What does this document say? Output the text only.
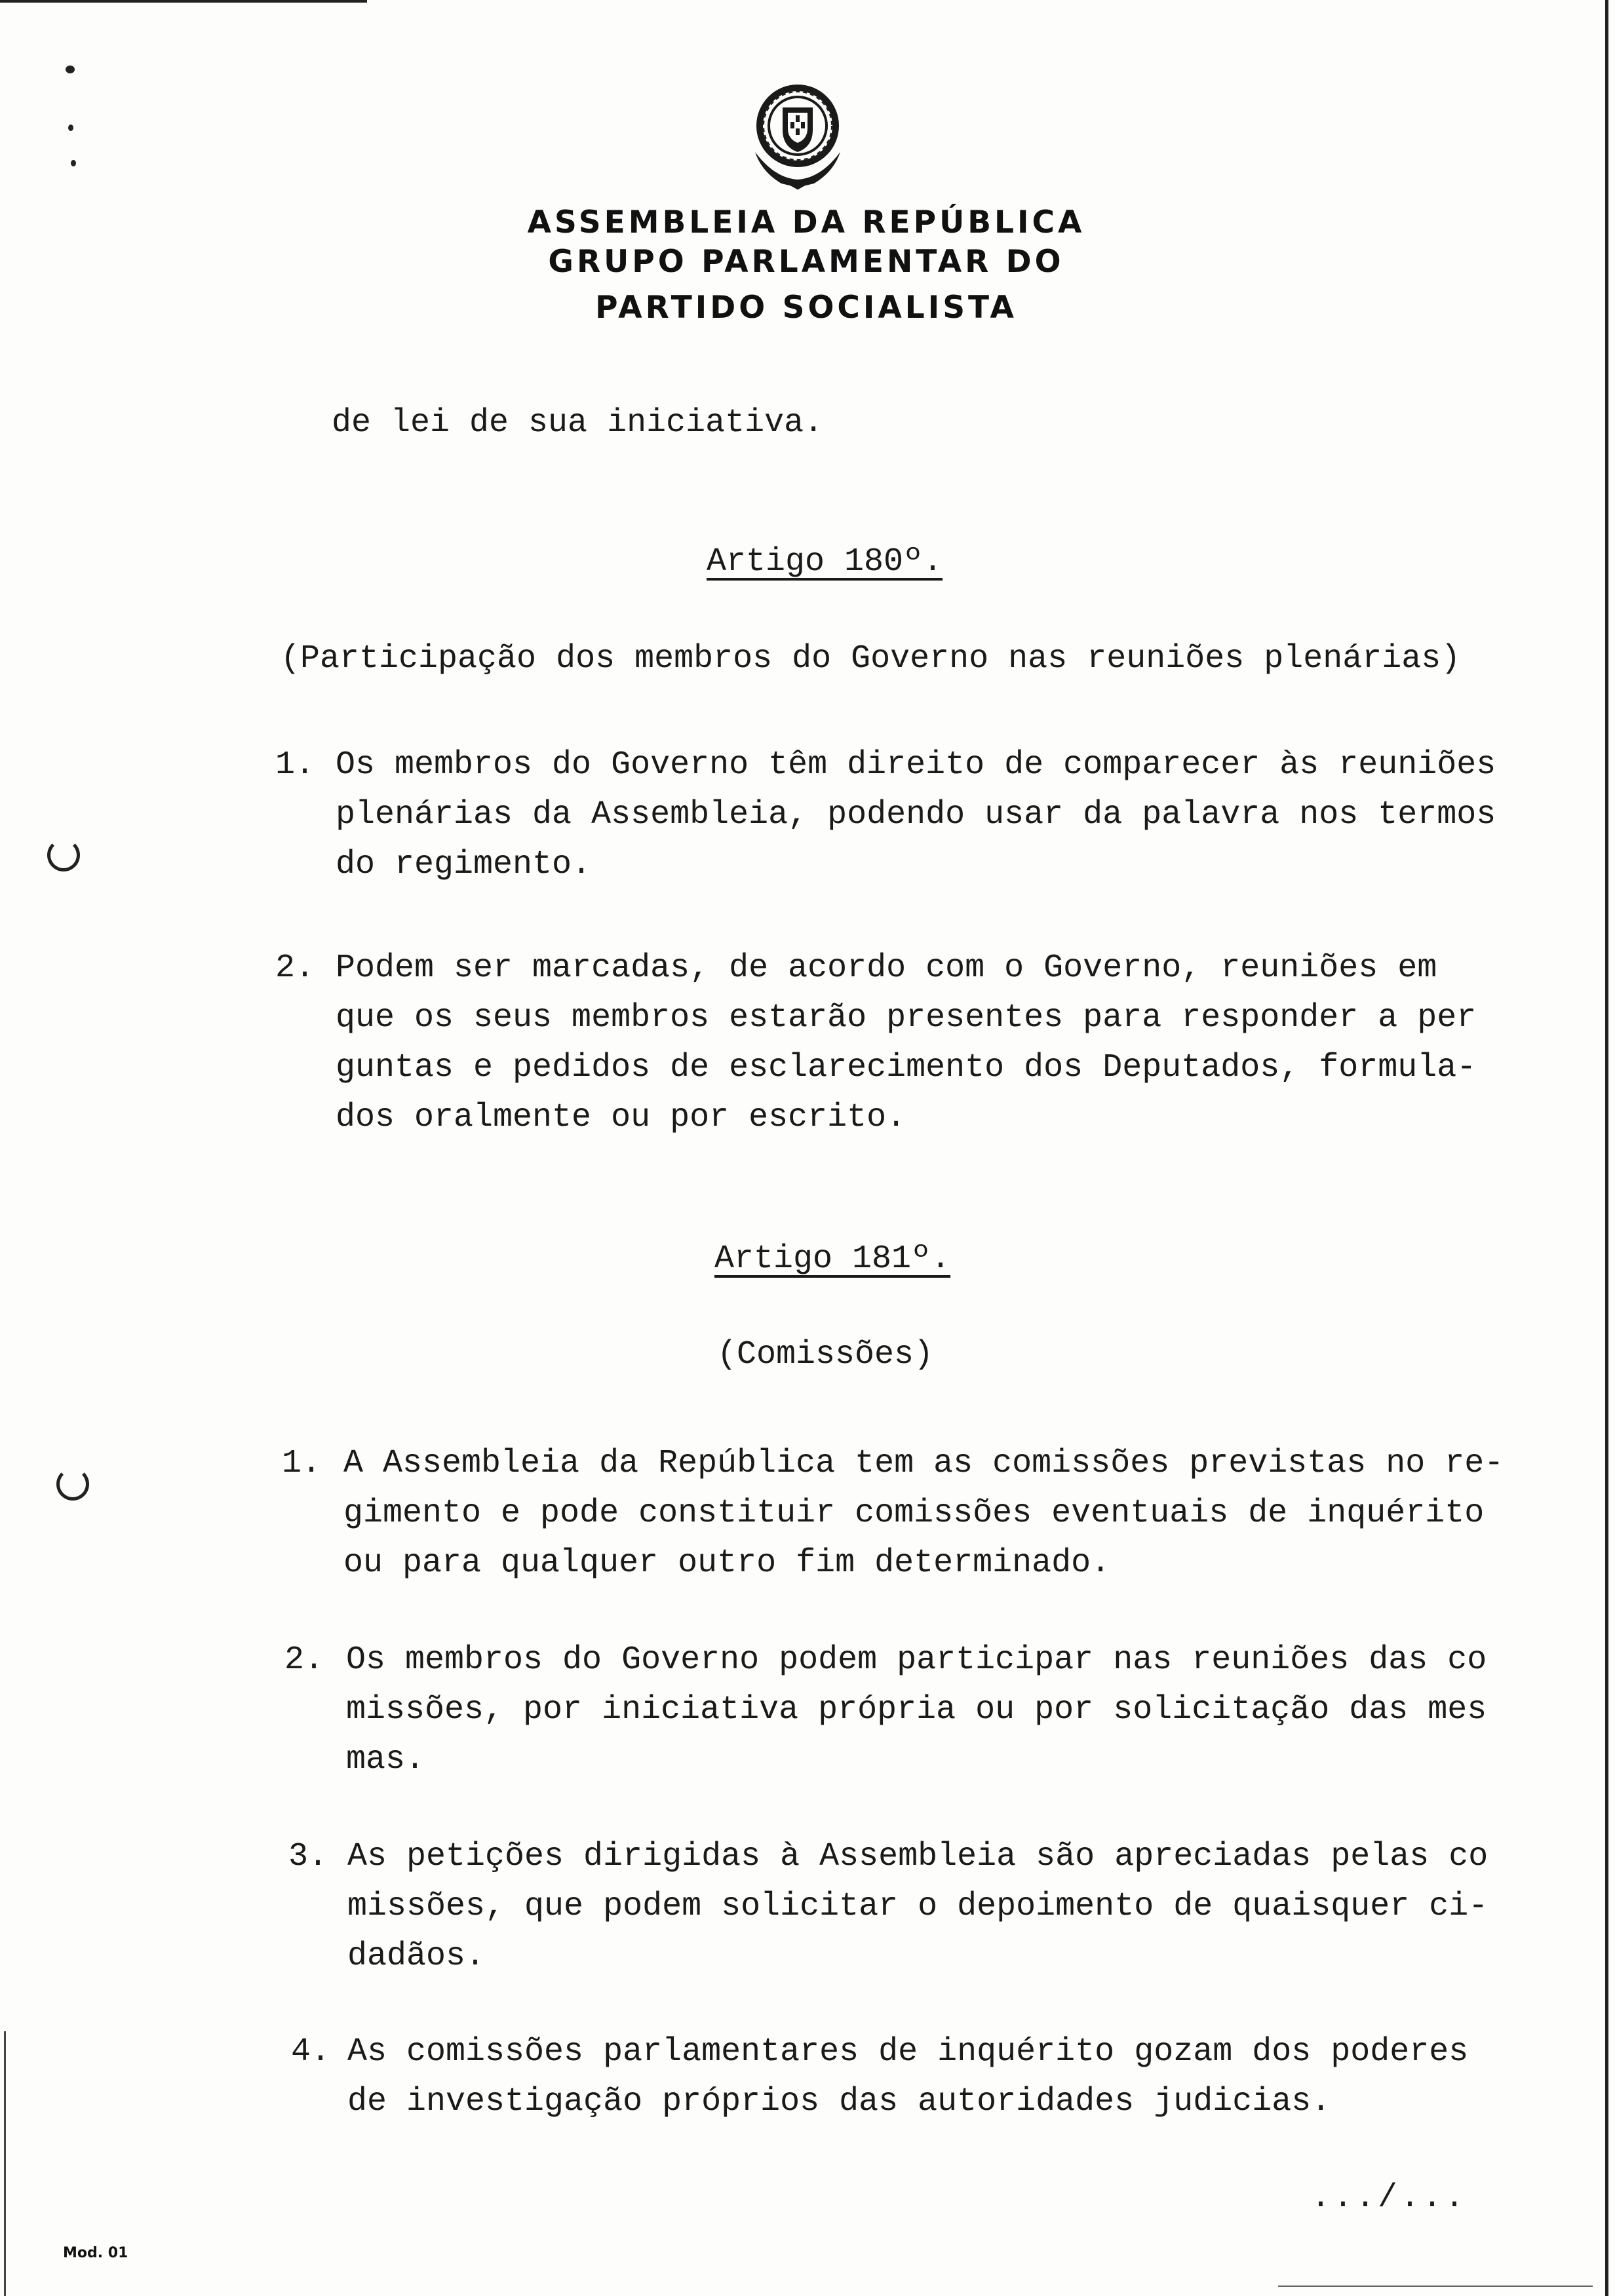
ASSEMBLEIA DA REPÚBLICA
GRUPO PARLAMENTAR DO
PARTIDO SOCIALISTA
de lei de sua iniciativa.
Artigo 180º.
(Participação dos membros do Governo nas reuniões plenárias)
1. Os membros do Governo têm direito de comparecer às reuniões
plenárias da Assembleia, podendo usar da palavra nos termos
do regimento.
2. Podem ser marcadas, de acordo com o Governo, reuniões em
que os seus membros estarão presentes para responder a per
guntas e pedidos de esclarecimento dos Deputados, formula-
dos oralmente ou por escrito.
Artigo 181º.
(Comissões)
1. A Assembleia da República tem as comissões previstas no re-
gimento e pode constituir comissões eventuais de inquérito
ou para qualquer outro fim determinado.
2. Os membros do Governo podem participar nas reuniões das co
missões, por iniciativa própria ou por solicitação das mes
mas.
3. As petições dirigidas à Assembleia são apreciadas pelas co
missões, que podem solicitar o depoimento de quaisquer ci-
dadãos.
4. As comissões parlamentares de inquérito gozam dos poderes
de investigação próprios das autoridades judicias.
.../...
Mod. 01
